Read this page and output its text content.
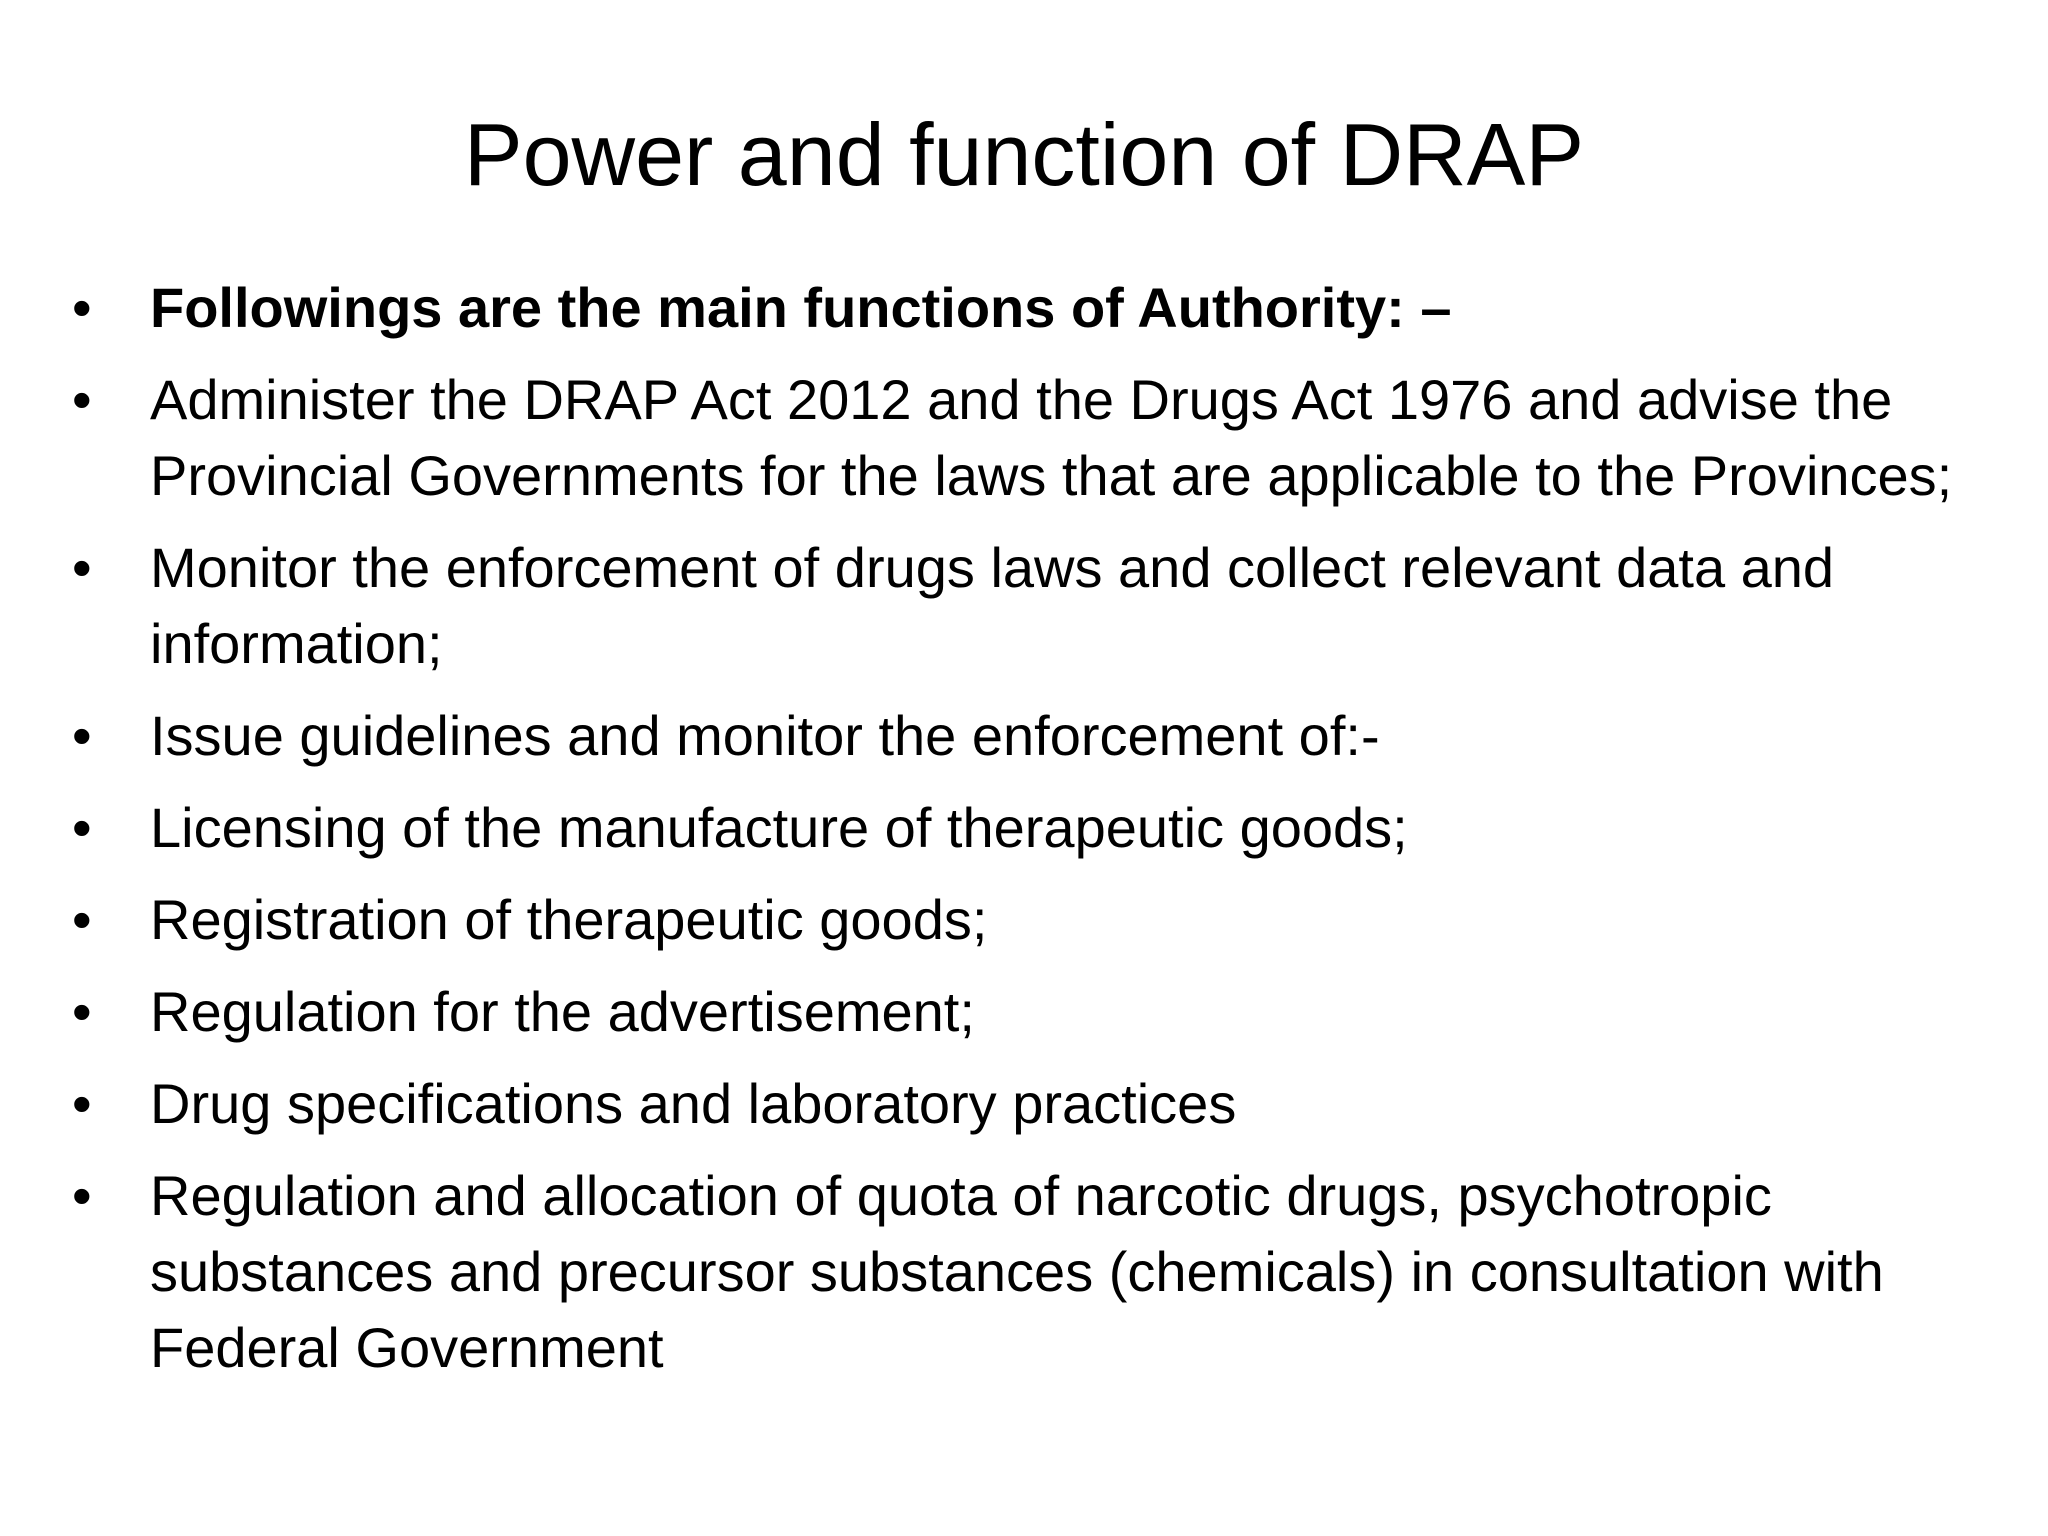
Power and function of DRAP
• Followings are the main functions of Authority: –
• Administer the DRAP Act 2012 and the Drugs Act 1976 and advise the Provincial Governments for the laws that are applicable to the Provinces;
• Monitor the enforcement of drugs laws and collect relevant data and information;
• Issue guidelines and monitor the enforcement of:-
• Licensing of the manufacture of therapeutic goods;
• Registration of therapeutic goods;
• Regulation for the advertisement;
• Drug specifications and laboratory practices
• Regulation and allocation of quota of narcotic drugs, psychotropic substances and precursor substances (chemicals) in consultation with Federal Government
